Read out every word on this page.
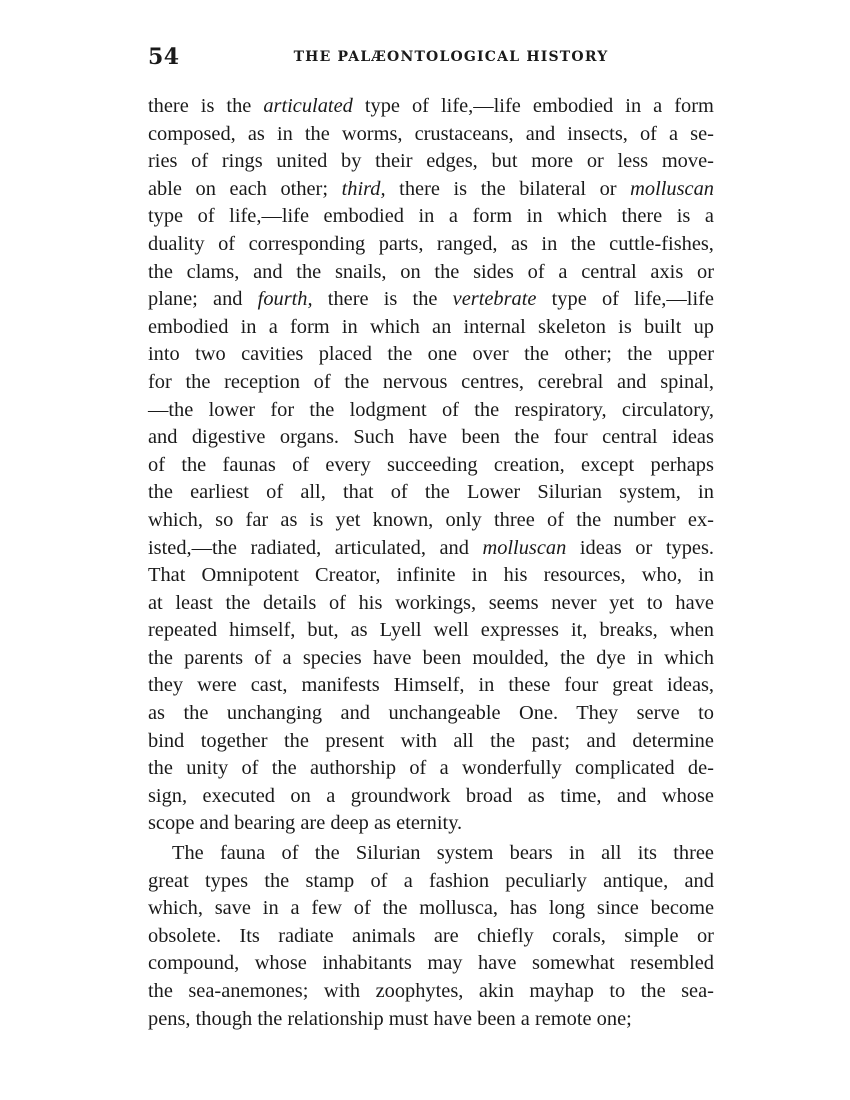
54	THE PALÆONTOLOGICAL HISTORY
there is the articulated type of life,—life embodied in a form
composed, as in the worms, crustaceans, and insects, of a se-
ries of rings united by their edges, but more or less move-
able on each other; third, there is the bilateral or molluscan
type of life,—life embodied in a form in which there is a
duality of corresponding parts, ranged, as in the cuttle-fishes,
the clams, and the snails, on the sides of a central axis or
plane; and fourth, there is the vertebrate type of life,—life
embodied in a form in which an internal skeleton is built up
into two cavities placed the one over the other; the upper
for the reception of the nervous centres, cerebral and spinal,
—the lower for the lodgment of the respiratory, circulatory,
and digestive organs. Such have been the four central ideas
of the faunas of every succeeding creation, except perhaps
the earliest of all, that of the Lower Silurian system, in
which, so far as is yet known, only three of the number ex-
isted,—the radiated, articulated, and molluscan ideas or types.
That Omnipotent Creator, infinite in his resources, who, in
at least the details of his workings, seems never yet to have
repeated himself, but, as Lyell well expresses it, breaks, when
the parents of a species have been moulded, the dye in which
they were cast, manifests Himself, in these four great ideas,
as the unchanging and unchangeable One. They serve to
bind together the present with all the past; and determine
the unity of the authorship of a wonderfully complicated de-
sign, executed on a groundwork broad as time, and whose
scope and bearing are deep as eternity.
The fauna of the Silurian system bears in all its three
great types the stamp of a fashion peculiarly antique, and
which, save in a few of the mollusca, has long since become
obsolete. Its radiate animals are chiefly corals, simple or
compound, whose inhabitants may have somewhat resembled
the sea-anemones; with zoophytes, akin mayhap to the sea-
pens, though the relationship must have been a remote one;
